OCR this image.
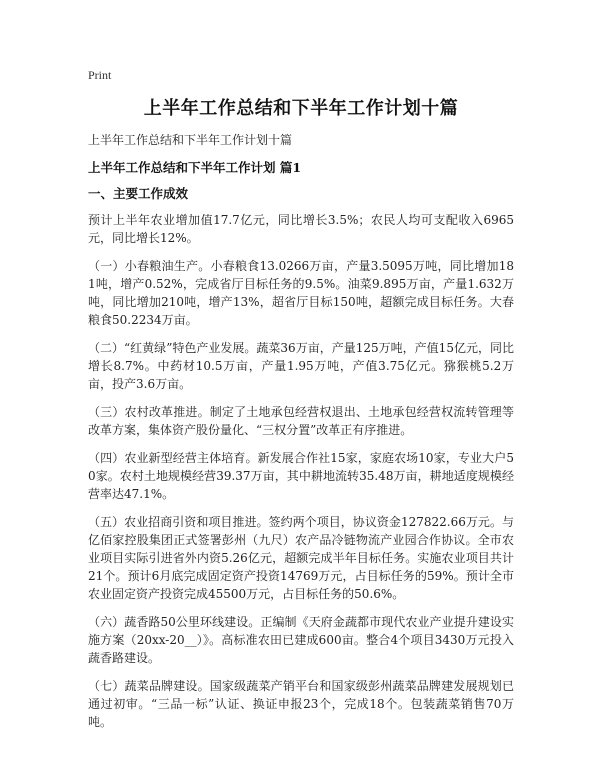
Print
上半年工作总结和下半年工作计划十篇

上半年工作总结和下半年工作计划十篇

上半年工作总结和下半年工作计划 篇1

一、主要工作成效

预计上半年农业增加值17.7亿元，同比增长3.5%；农民人均可支配收入6965元，同比增长12%。

（一）小春粮油生产。小春粮食13.0266万亩，产量3.5095万吨，同比增加181吨，增产0.52%，完成省厅目标任务的9.5%。油菜9.895万亩，产量1.632万吨，同比增加210吨，增产13%，超省厅目标150吨，超额完成目标任务。大春粮食50.2234万亩。

（二）“红黄绿”特色产业发展。蔬菜36万亩，产量125万吨，产值15亿元，同比增长8.7%。中药材10.5万亩，产量1.95万吨，产值3.75亿元。猕猴桃5.2万亩，投产3.6万亩。

（三）农村改革推进。制定了土地承包经营权退出、土地承包经营权流转管理等改革方案，集体资产股份量化、“三权分置”改革正有序推进。

（四）农业新型经营主体培育。新发展合作社15家，家庭农场10家，专业大户50家。农村土地规模经营39.37万亩，其中耕地流转35.48万亩，耕地适度规模经营率达47.1%。

（五）农业招商引资和项目推进。签约两个项目，协议资金127822.66万元。与亿佰家控股集团正式签署彭州（九尺）农产品冷链物流产业园合作协议。全市农业项目实际引进省外内资5.26亿元，超额完成半年目标任务。实施农业项目共计21个。预计6月底完成固定资产投资14769万元，占目标任务的59%。预计全市农业固定资产投资完成45500万元，占目标任务的50.6%。

（六）蔬香路50公里环线建设。正编制《天府金蔬都市现代农业产业提升建设实施方案（20xx-20__）》。高标准农田已建成600亩。整合4个项目3430万元投入蔬香路建设。

（七）蔬菜品牌建设。国家级蔬菜产销平台和国家级彭州蔬菜品牌建发展规划已通过初审。“三品一标”认证、换证申报23个，完成18个。包装蔬菜销售70万吨。
